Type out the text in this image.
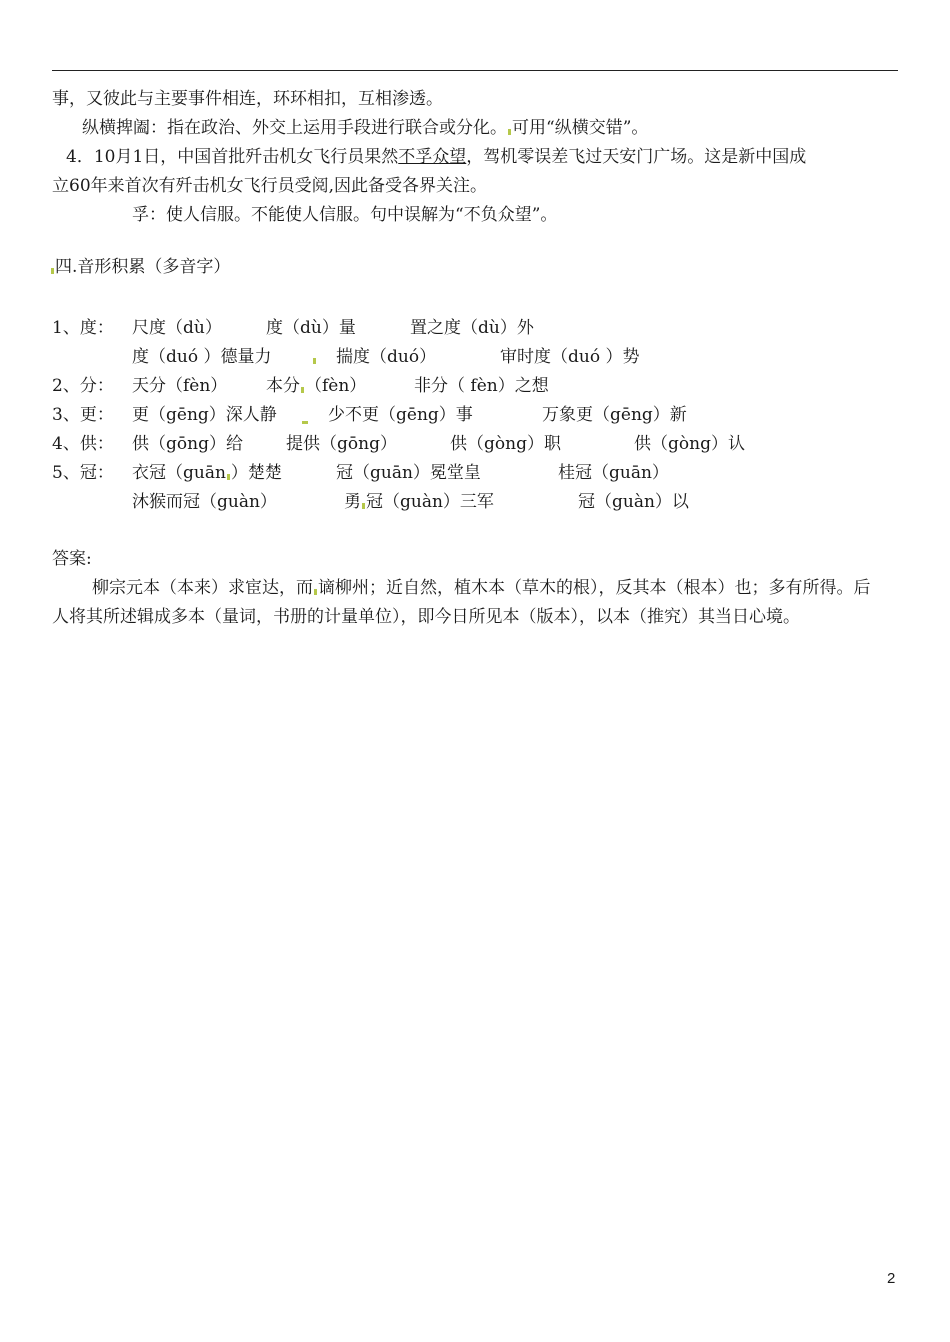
事，又彼此与主要事件相连，环环相扣，互相渗透。
纵横捭阖：指在政治、外交上运用手段进行联合或分化。 可用“纵横交错”。
4．10月1日，中国首批歼击机女飞行员果然不孚众望，驾机零误差飞过天安门广场。这是新中国成
立60年来首次有歼击机女飞行员受阅,因此备受各界关注。
孚：使人信服。不能使人信服。句中误解为“不负众望”。
四.音形积累（多音字）
1、度： 尺度（dù）	度（dù）量	置之度（dù）外
度（duó ）德量力	揣度（duó）	审时度（duó ）势
2、分： 天分（fèn） 本分 （fèn）	非分（ fèn）之想
3、更： 更（gēng）深人静	少不更（gēng）事	万象更（gēng）新
4、供： 供（gōng）给	提供（gōng）	供（gòng）职	供（gòng）认
5、冠： 衣冠（guān ）楚楚	冠（guān）冕堂皇	桂冠（guān）
沐猴而冠（guàn）	勇 冠（guàn）三军	冠（guàn）以
答案:
柳宗元本（本来）求宦达，而 谪柳州；近自然，植木本（草木的根），反其本（根本）也；多有所得。后
人将其所述辑成多本（量词，书册的计量单位），即今日所见本（版本），以本（推究）其当日心境。
2
